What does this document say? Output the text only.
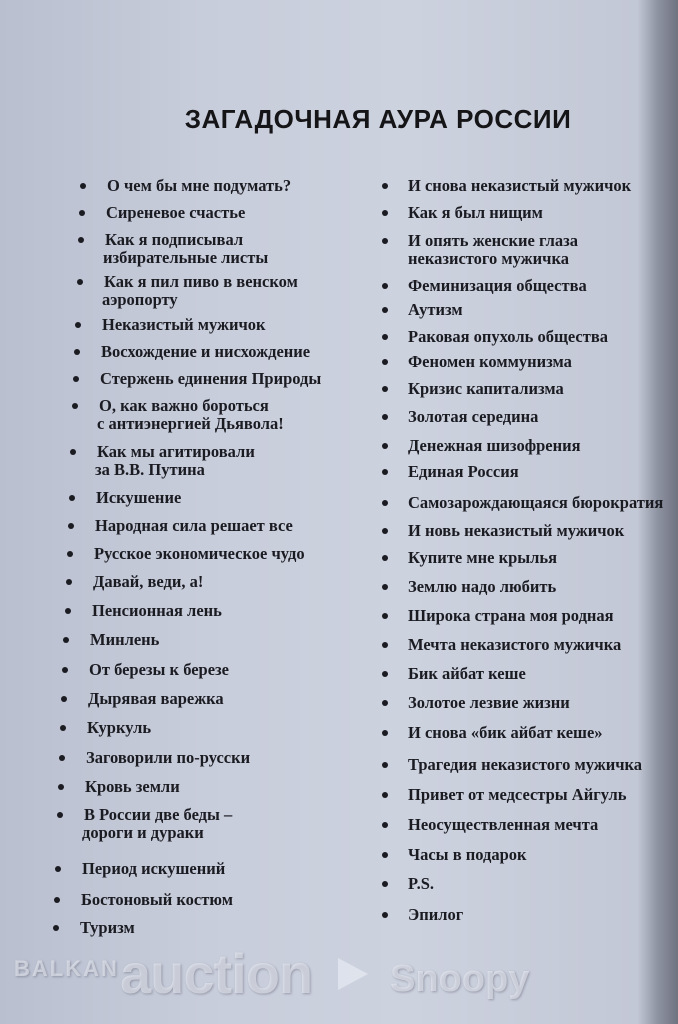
ЗАГАДОЧНАЯ АУРА РОССИИ
О чем бы мне подумать?
Сиреневое счастье
Как я подписывал
избирательные листы
Как я пил пиво в венском
аэропорту
Неказистый мужичок
Восхождение и нисхождение
Стержень единения Природы
О, как важно бороться
с антиэнергией Дьявола!
Как мы агитировали
за В.В. Путина
Искушение
Народная сила решает все
Русское экономическое чудо
Давай, веди, а!
Пенсионная лень
Минлень
От березы к березе
Дырявая варежка
Куркуль
Заговорили по-русски
Кровь земли
В России две беды –
дороги и дураки
Период искушений
Бостоновый костюм
Туризм
И снова неказистый мужичок
Как я был нищим
И опять женские глаза
неказистого мужичка
Феминизация общества
Аутизм
Раковая опухоль общества
Феномен коммунизма
Кризис капитализма
Золотая середина
Денежная шизофрения
Единая Россия
Самозарождающаяся бюрократия
И новь неказистый мужичок
Купите мне крылья
Землю надо любить
Широка страна моя родная
Мечта неказистого мужичка
Бик айбат кеше
Золотое лезвие жизни
И снова «бик айбат кеше»
Трагедия неказистого мужичка
Привет от медсестры Айгуль
Неосуществленная мечта
Часы в подарок
P.S.
Эпилог
BALKAN auction Snoopy
